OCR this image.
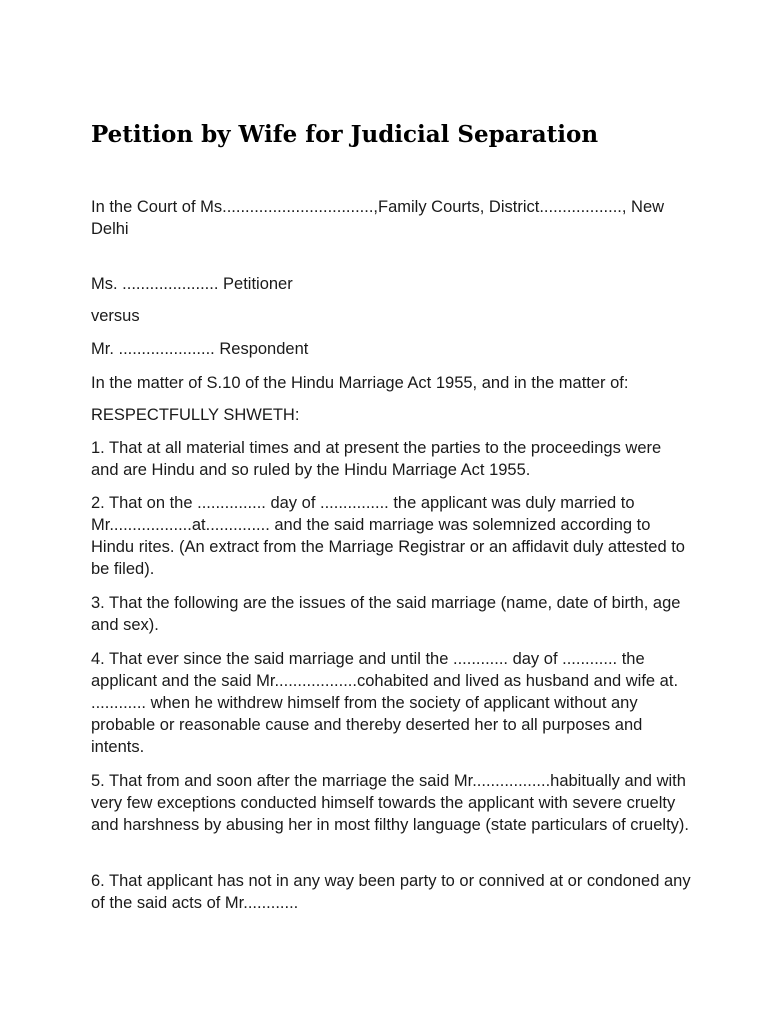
Petition by Wife for Judicial Separation

In the Court of Ms.................................,Family Courts, District.................., New Delhi

Ms. ..................... Petitioner

versus

Mr. ..................... Respondent

In the matter of S.10 of the Hindu Marriage Act 1955, and in the matter of:

RESPECTFULLY SHWETH:

1. That at all material times and at present the parties to the proceedings were and are Hindu and so ruled by the Hindu Marriage Act 1955.

2. That on the ............... day of ............... the applicant was duly married to Mr..................at.............. and the said marriage was solemnized according to Hindu rites. (An extract from the Marriage Registrar or an affidavit duly attested to be filed).

3. That the following are the issues of the said marriage (name, date of birth, age and sex).

4. That ever since the said marriage and until the ............ day of ............ the applicant and the said Mr..................cohabited and lived as husband and wife at. ............ when he withdrew himself from the society of applicant without any probable or reasonable cause and thereby deserted her to all purposes and intents.

5. That from and soon after the marriage the said Mr.................habitually and with very few exceptions conducted himself towards the applicant with severe cruelty and harshness by abusing her in most filthy language (state particulars of cruelty).

6. That applicant has not in any way been party to or connived at or condoned any of the said acts of Mr............
